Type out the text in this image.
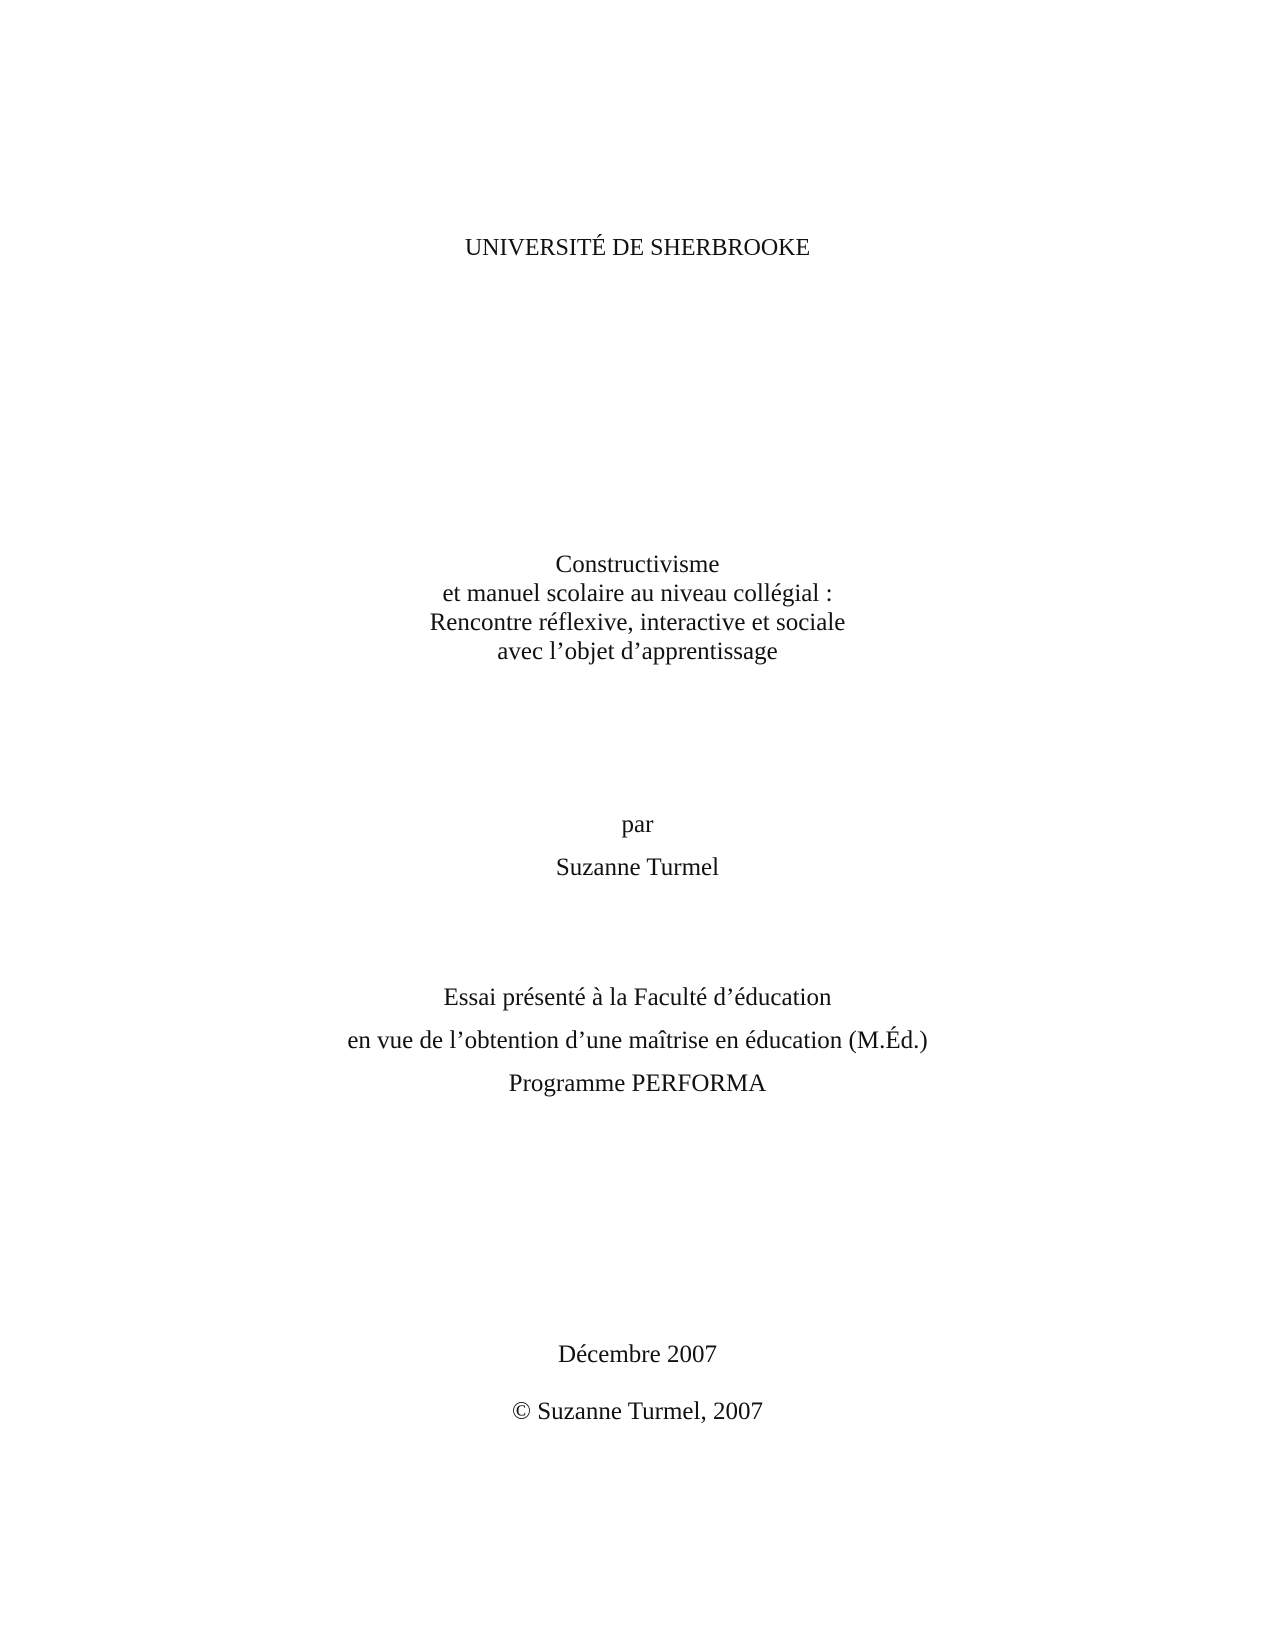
UNIVERSITÉ DE SHERBROOKE
Constructivisme
et manuel scolaire au niveau collégial :
Rencontre réflexive, interactive et sociale
avec l’objet d’apprentissage
par
Suzanne Turmel
Essai présenté à la Faculté d’éducation
en vue de l’obtention d’une maîtrise en éducation (M.Éd.)
Programme PERFORMA
Décembre 2007
© Suzanne Turmel, 2007
